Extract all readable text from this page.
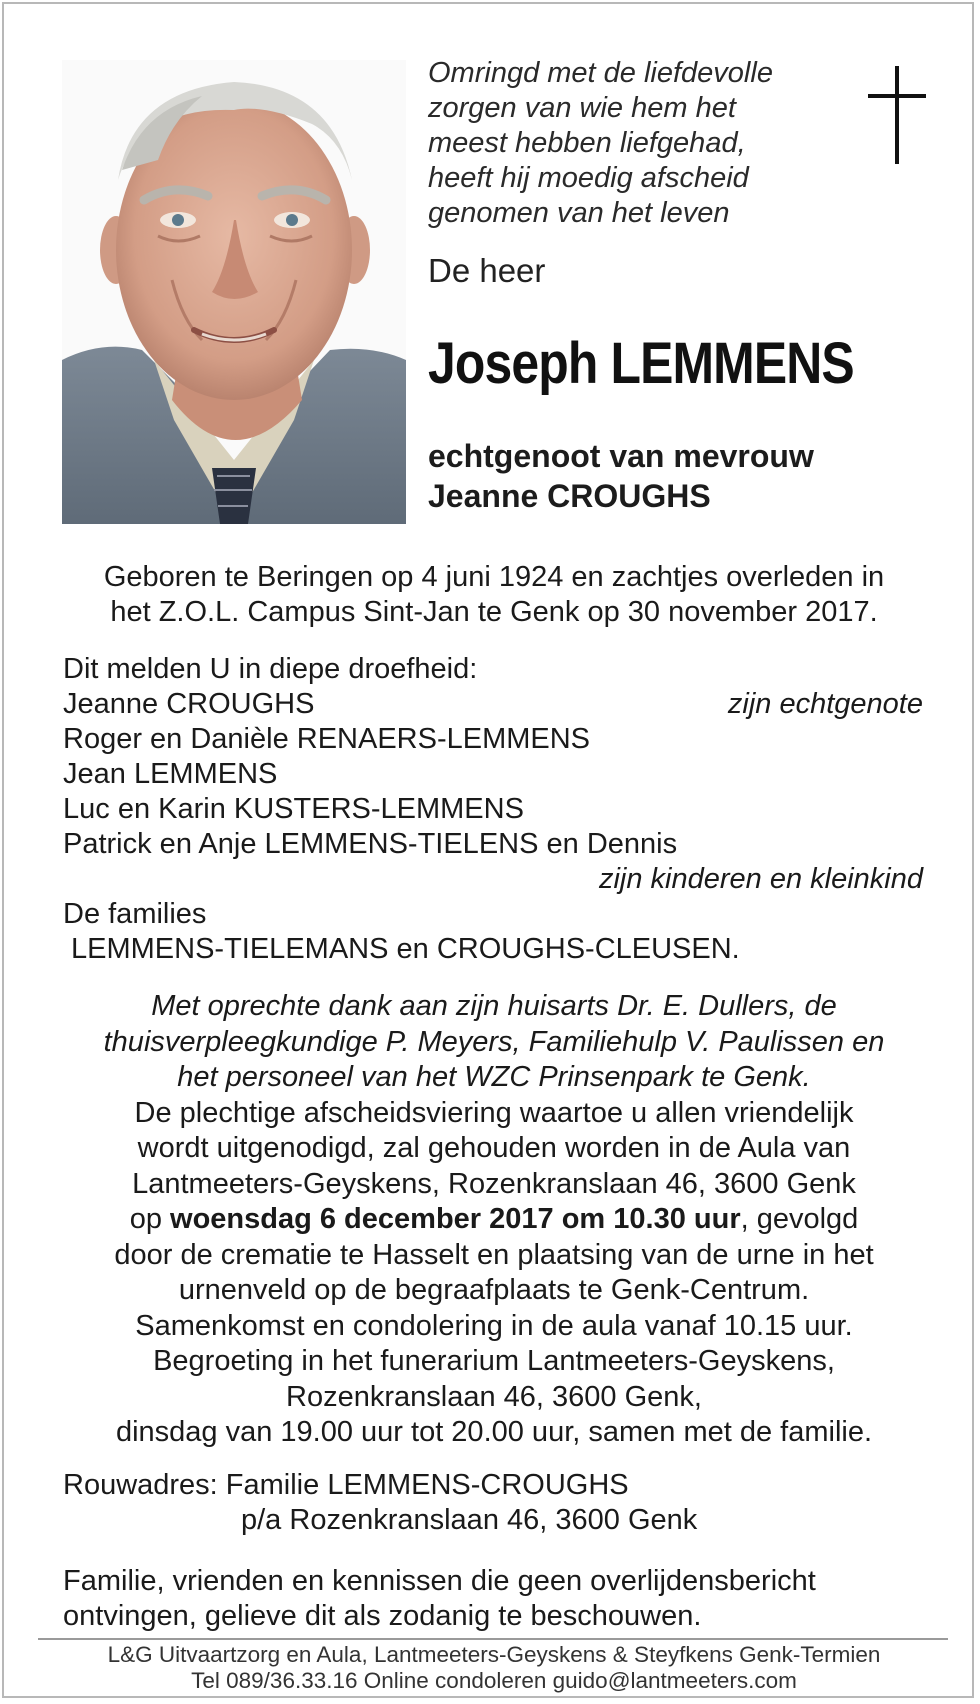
Omringd met de liefdevolle
zorgen van wie hem het
meest hebben liefgehad,
heeft hij moedig afscheid
genomen van het leven
De heer
Joseph LEMMENS
echtgenoot van mevrouw
Jeanne CROUGHS
Geboren te Beringen op 4 juni 1924 en zachtjes overleden in
het Z.O.L. Campus Sint-Jan te Genk op 30 november 2017.
Dit melden U in diepe droefheid:
Jeanne CROUGHS	zijn echtgenote
Roger en Danièle RENAERS-LEMMENS
Jean LEMMENS
Luc en Karin KUSTERS-LEMMENS
Patrick en Anje LEMMENS-TIELENS en Dennis
zijn kinderen en kleinkind
De families
LEMMENS-TIELEMANS en CROUGHS-CLEUSEN.
Met oprechte dank aan zijn huisarts Dr. E. Dullers, de
thuisverpleegkundige P. Meyers, Familiehulp V. Paulissen en
het personeel van het WZC Prinsenpark te Genk.
De plechtige afscheidsviering waartoe u allen vriendelijk
wordt uitgenodigd, zal gehouden worden in de Aula van
Lantmeeters-Geyskens, Rozenkranslaan 46, 3600 Genk
op woensdag 6 december 2017 om 10.30 uur, gevolgd
door de crematie te Hasselt en plaatsing van de urne in het
urnenveld op de begraafplaats te Genk-Centrum.
Samenkomst en condolering in de aula vanaf 10.15 uur.
Begroeting in het funerarium Lantmeeters-Geyskens,
Rozenkranslaan 46, 3600 Genk,
dinsdag van 19.00 uur tot 20.00 uur, samen met de familie.
Rouwadres: Familie LEMMENS-CROUGHS
p/a Rozenkranslaan 46, 3600 Genk
Familie, vrienden en kennissen die geen overlijdensbericht
ontvingen, gelieve dit als zodanig te beschouwen.
L&G Uitvaartzorg en Aula, Lantmeeters-Geyskens & Steyfkens Genk-Termien
Tel 089/36.33.16 Online condoleren guido@lantmeeters.com
